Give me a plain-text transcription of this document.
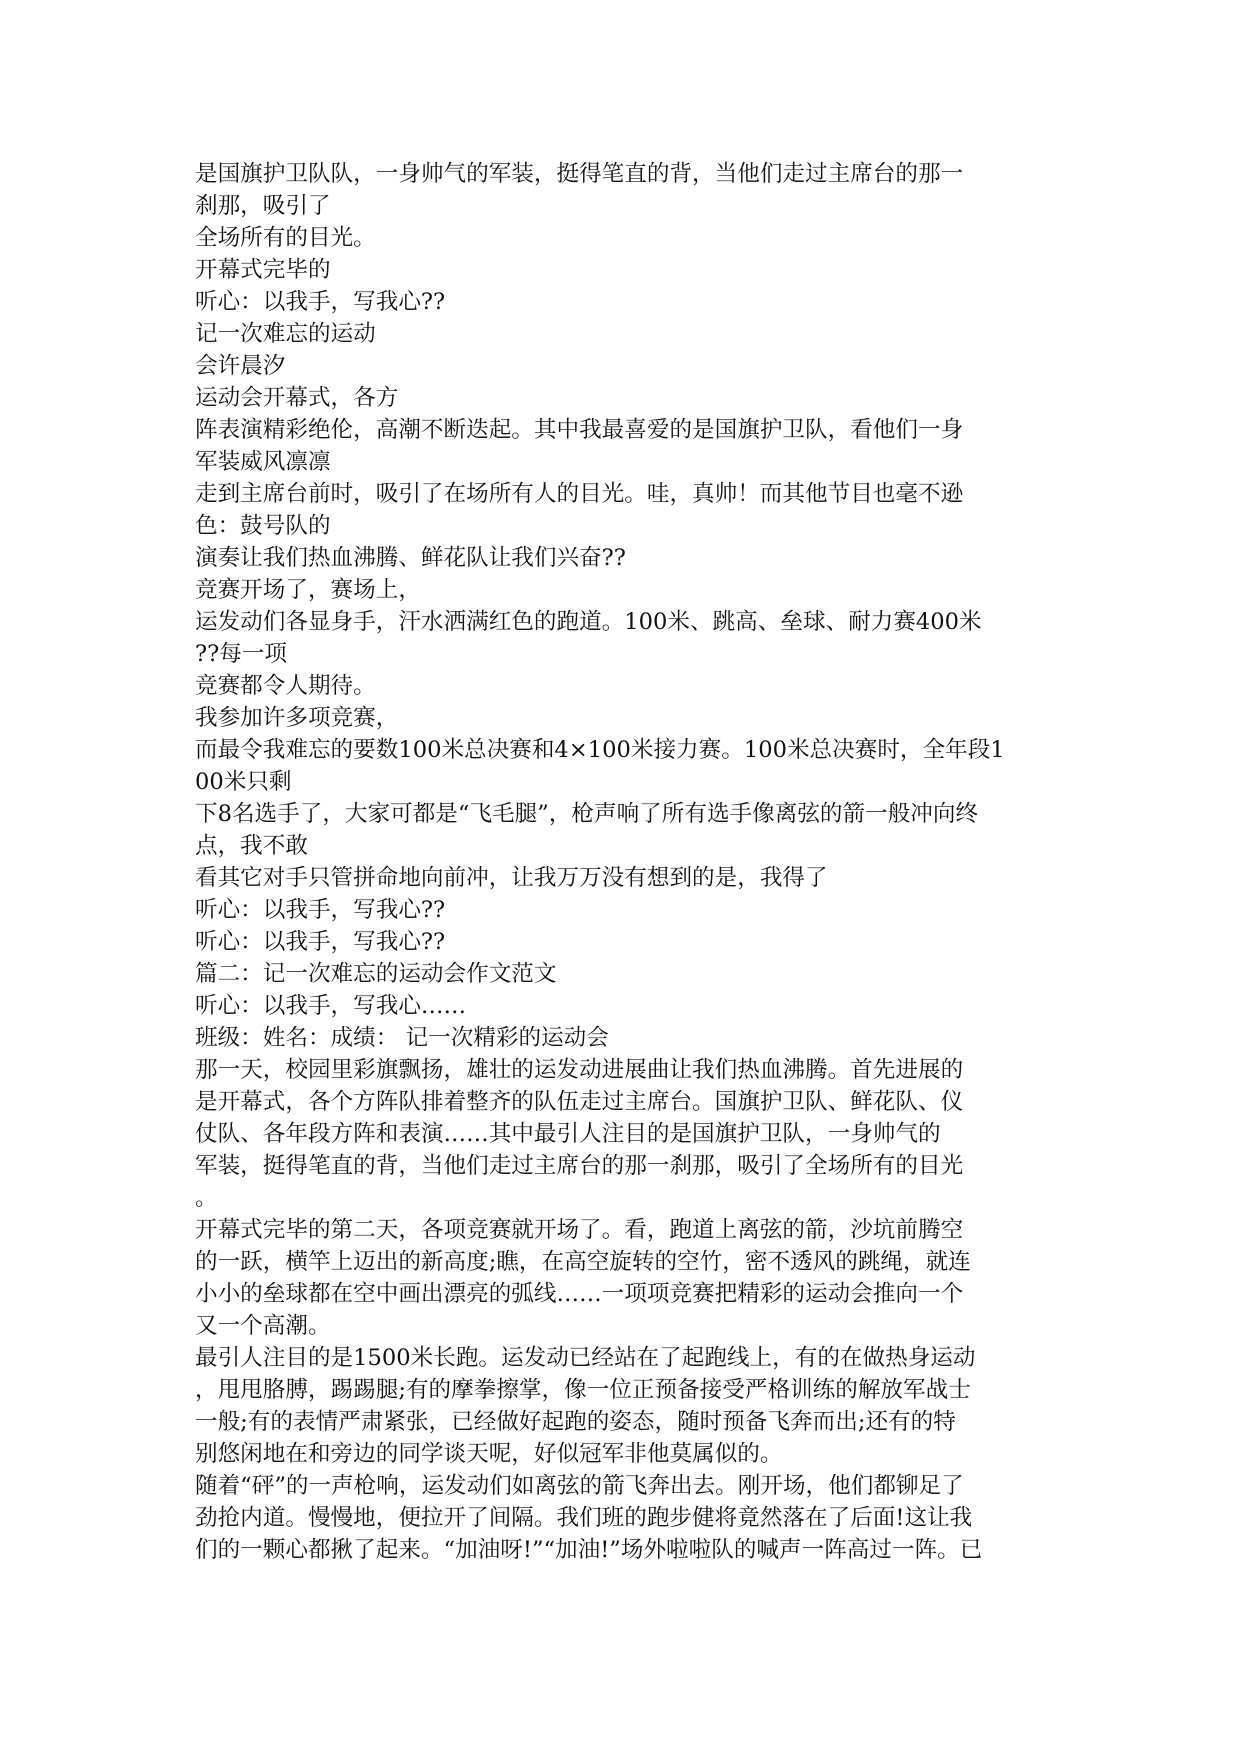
是国旗护卫队队，一身帅气的军装，挺得笔直的背，当他们走过主席台的那一
刹那，吸引了
全场所有的目光。
开幕式完毕的
听心：以我手，写我心??
记一次难忘的运动
会许晨汐
运动会开幕式，各方
阵表演精彩绝伦，高潮不断迭起。其中我最喜爱的是国旗护卫队，看他们一身
军装威风凛凛
走到主席台前时，吸引了在场所有人的目光。哇，真帅！而其他节目也毫不逊
色：鼓号队的
演奏让我们热血沸腾、鲜花队让我们兴奋??
竞赛开场了，赛场上，
运发动们各显身手，汗水洒满红色的跑道。100米、跳高、垒球、耐力赛400米
??每一项
竞赛都令人期待。
我参加许多项竞赛，
而最令我难忘的要数100米总决赛和4×100米接力赛。100米总决赛时，全年段1
00米只剩
下8名选手了，大家可都是“飞毛腿”，枪声响了所有选手像离弦的箭一般冲向终
点，我不敢
看其它对手只管拼命地向前冲，让我万万没有想到的是，我得了
听心：以我手，写我心??
听心：以我手，写我心??
篇二：记一次难忘的运动会作文范文
听心：以我手，写我心……
班级：姓名：成绩： 记一次精彩的运动会
那一天，校园里彩旗飘扬，雄壮的运发动进展曲让我们热血沸腾。首先进展的
是开幕式，各个方阵队排着整齐的队伍走过主席台。国旗护卫队、鲜花队、仪
仗队、各年段方阵和表演……其中最引人注目的是国旗护卫队，一身帅气的
军装，挺得笔直的背，当他们走过主席台的那一刹那，吸引了全场所有的目光
。
开幕式完毕的第二天，各项竞赛就开场了。看，跑道上离弦的箭，沙坑前腾空
的一跃，横竿上迈出的新高度;瞧，在高空旋转的空竹，密不透风的跳绳，就连
小小的垒球都在空中画出漂亮的弧线……一项项竞赛把精彩的运动会推向一个
又一个高潮。
最引人注目的是1500米长跑。运发动已经站在了起跑线上，有的在做热身运动
，甩甩胳膊，踢踢腿;有的摩拳擦掌，像一位正预备接受严格训练的解放军战士
一般;有的表情严肃紧张，已经做好起跑的姿态，随时预备飞奔而出;还有的特
别悠闲地在和旁边的同学谈天呢，好似冠军非他莫属似的。
随着“砰”的一声枪响，运发动们如离弦的箭飞奔出去。刚开场，他们都铆足了
劲抢内道。慢慢地，便拉开了间隔。我们班的跑步健将竟然落在了后面!这让我
们的一颗心都揪了起来。“加油呀!”“加油!”场外啦啦队的喊声一阵高过一阵。已
